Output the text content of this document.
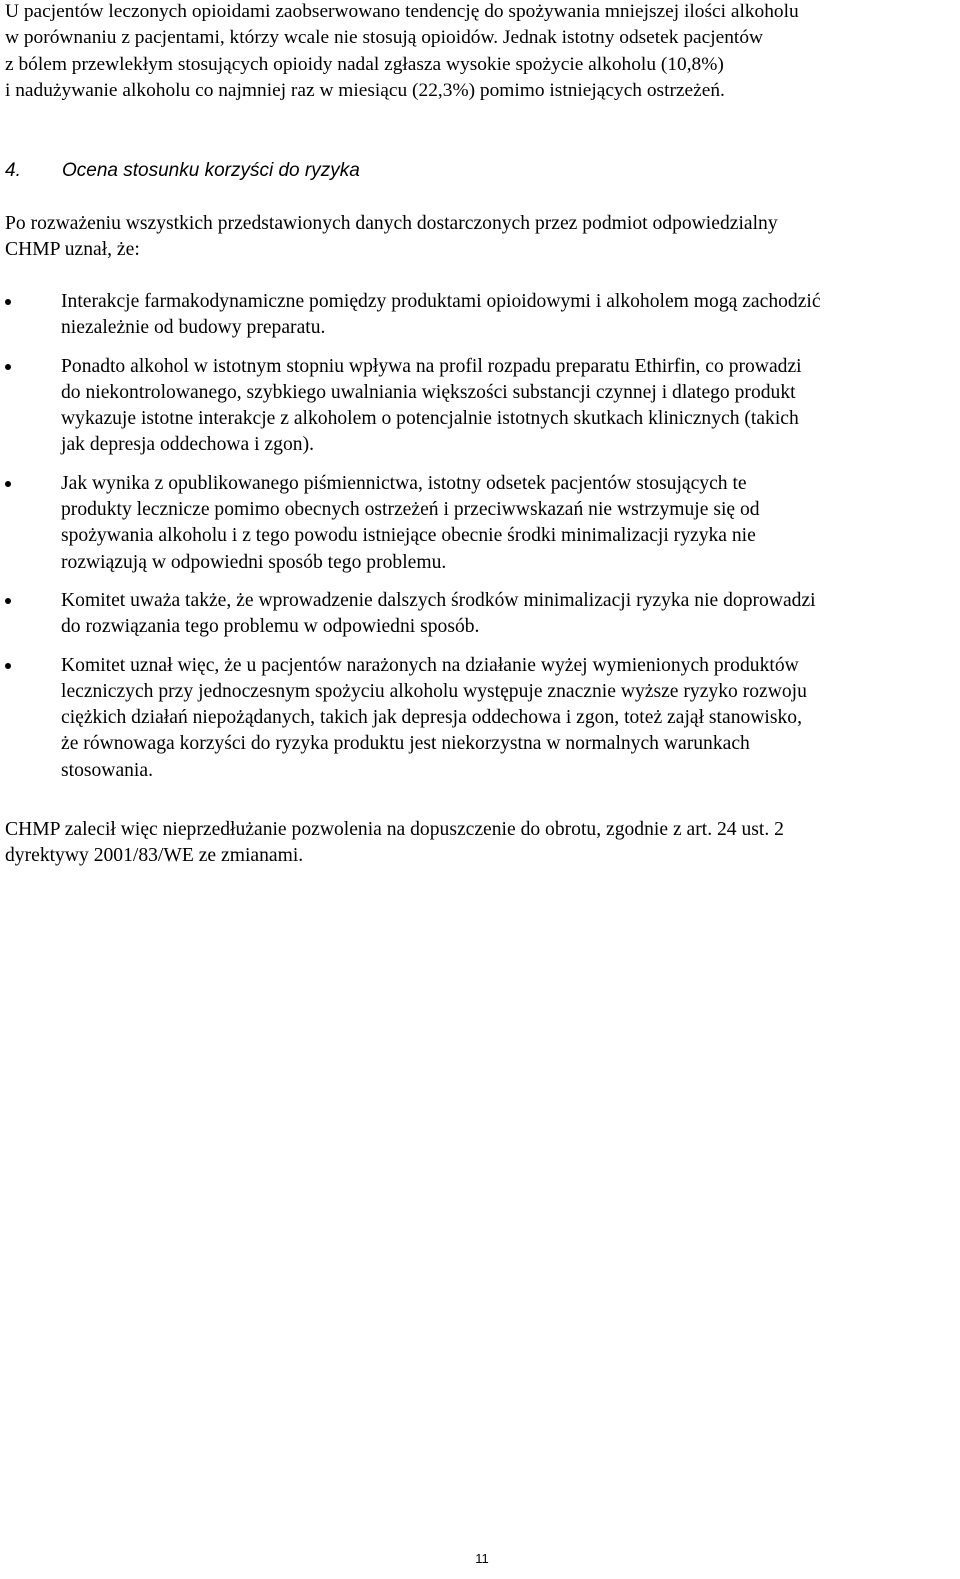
U pacjentów leczonych opioidami zaobserwowano tendencję do spożywania mniejszej ilości alkoholu
w porównaniu z pacjentami, którzy wcale nie stosują opioidów. Jednak istotny odsetek pacjentów
z bólem przewlekłym stosujących opioidy nadal zgłasza wysokie spożycie alkoholu (10,8%)
i nadużywanie alkoholu co najmniej raz w miesiącu (22,3%) pomimo istniejących ostrzeżeń.

4. Ocena stosunku korzyści do ryzyka

Po rozważeniu wszystkich przedstawionych danych dostarczonych przez podmiot odpowiedzialny
CHMP uznał, że:

Interakcje farmakodynamiczne pomiędzy produktami opioidowymi i alkoholem mogą zachodzić
niezależnie od budowy preparatu.
Ponadto alkohol w istotnym stopniu wpływa na profil rozpadu preparatu Ethirfin, co prowadzi
do niekontrolowanego, szybkiego uwalniania większości substancji czynnej i dlatego produkt
wykazuje istotne interakcje z alkoholem o potencjalnie istotnych skutkach klinicznych (takich
jak depresja oddechowa i zgon).
Jak wynika z opublikowanego piśmiennictwa, istotny odsetek pacjentów stosujących te
produkty lecznicze pomimo obecnych ostrzeżeń i przeciwwskazań nie wstrzymuje się od
spożywania alkoholu i z tego powodu istniejące obecnie środki minimalizacji ryzyka nie
rozwiązują w odpowiedni sposób tego problemu.
Komitet uważa także, że wprowadzenie dalszych środków minimalizacji ryzyka nie doprowadzi
do rozwiązania tego problemu w odpowiedni sposób.
Komitet uznał więc, że u pacjentów narażonych na działanie wyżej wymienionych produktów
leczniczych przy jednoczesnym spożyciu alkoholu występuje znacznie wyższe ryzyko rozwoju
ciężkich działań niepożądanych, takich jak depresja oddechowa i zgon, toteż zajął stanowisko,
że równowaga korzyści do ryzyka produktu jest niekorzystna w normalnych warunkach
stosowania.

CHMP zalecił więc nieprzedłużanie pozwolenia na dopuszczenie do obrotu, zgodnie z art. 24 ust. 2
dyrektywy 2001/83/WE ze zmianami.

11
